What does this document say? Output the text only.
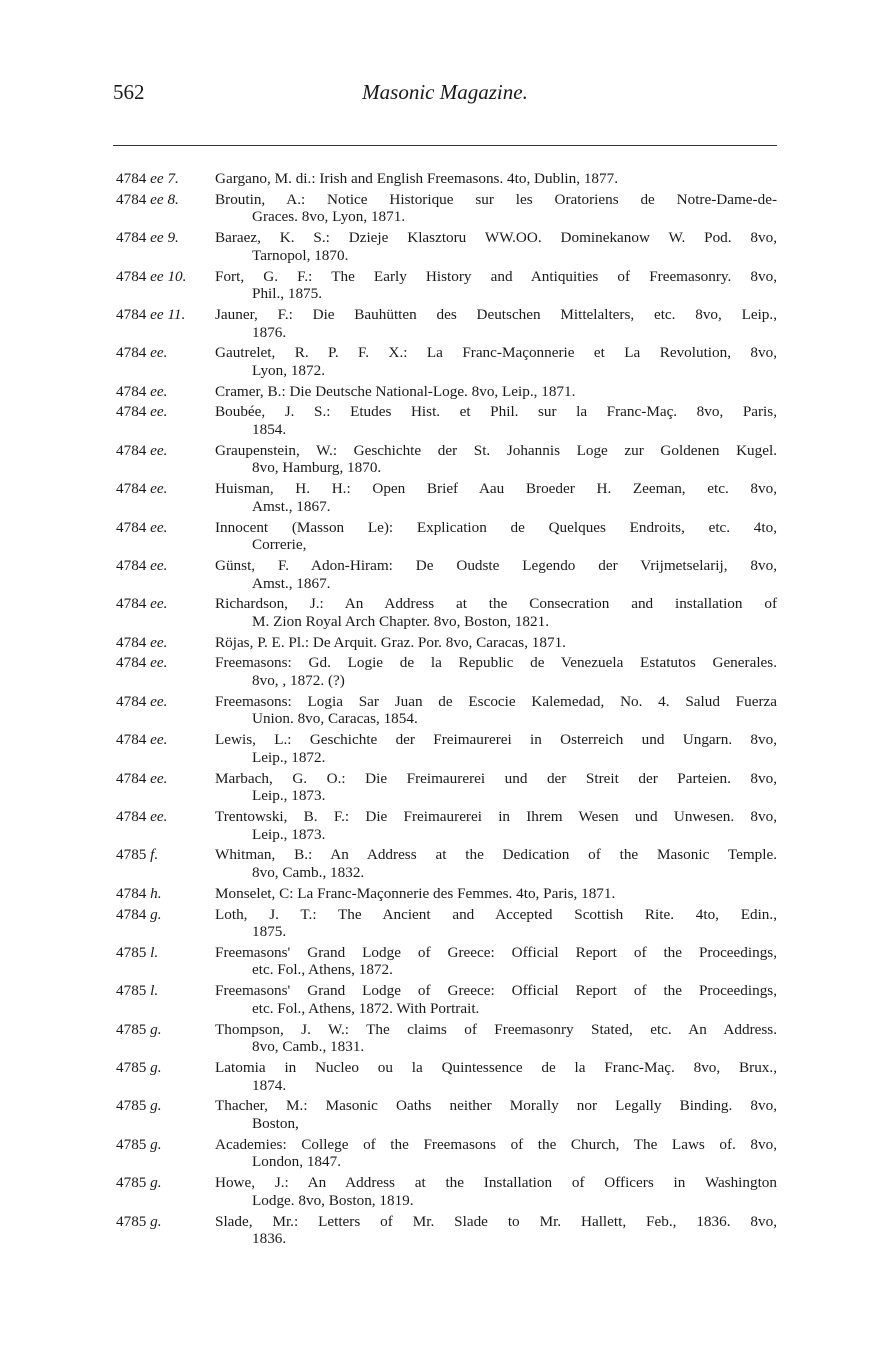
562	Masonic Magazine.
4784 ee 7.	Gargano, M. di.: Irish and English Freemasons. 4to, Dublin, 1877.
4784 ee 8.	Broutin, A.: Notice Historique sur les Oratoriens de Notre-Dame-de-
Graces. 8vo, Lyon, 1871.
4784 ee 9.	Baraez, K. S.: Dzieje Klasztoru WW.OO. Dominekanow W. Pod. 8vo,
Tarnopol, 1870.
4784 ee 10.	Fort, G. F.: The Early History and Antiquities of Freemasonry. 8vo,
Phil., 1875.
4784 ee 11.	Jauner, F.: Die Bauhütten des Deutschen Mittelalters, etc. 8vo, Leip.,
1876.
4784 ee.	Gautrelet, R. P. F. X.: La Franc-Maçonnerie et La Revolution, 8vo,
Lyon, 1872.
4784 ee.	Cramer, B.: Die Deutsche National-Loge. 8vo, Leip., 1871.
4784 ee.	Boubée, J. S.: Etudes Hist. et Phil. sur la Franc-Maç. 8vo, Paris,
1854.
4784 ee.	Graupenstein, W.: Geschichte der St. Johannis Loge zur Goldenen Kugel.
8vo, Hamburg, 1870.
4784 ee.	Huisman, H. H.: Open Brief Aau Broeder H. Zeeman, etc. 8vo,
Amst., 1867.
4784 ee.	Innocent (Masson Le): Explication de Quelques Endroits, etc. 4to,
Correrie,
4784 ee.	Günst, F. Adon-Hiram: De Oudste Legendo der Vrijmetselarij, 8vo,
Amst., 1867.
4784 ee.	Richardson, J.: An Address at the Consecration and installation of
M. Zion Royal Arch Chapter. 8vo, Boston, 1821.
4784 ee.	Röjas, P. E. Pl.: De Arquit. Graz. Por. 8vo, Caracas, 1871.
4784 ee.	Freemasons: Gd. Logie de la Republic de Venezuela Estatutos Generales.
8vo, , 1872. (?)
4784 ee.	Freemasons: Logia Sar Juan de Escocie Kalemedad, No. 4. Salud Fuerza
Union. 8vo, Caracas, 1854.
4784 ee.	Lewis, L.: Geschichte der Freimaurerei in Osterreich und Ungarn. 8vo,
Leip., 1872.
4784 ee.	Marbach, G. O.: Die Freimaurerei und der Streit der Parteien. 8vo,
Leip., 1873.
4784 ee.	Trentowski, B. F.: Die Freimaurerei in Ihrem Wesen und Unwesen. 8vo,
Leip., 1873.
4785 f.	Whitman, B.: An Address at the Dedication of the Masonic Temple.
8vo, Camb., 1832.
4784 h.	Monselet, C: La Franc-Maçonnerie des Femmes. 4to, Paris, 1871.
4784 g.	Loth, J. T.: The Ancient and Accepted Scottish Rite. 4to, Edin.,
1875.
4785 l.	Freemasons' Grand Lodge of Greece: Official Report of the Proceedings,
etc. Fol., Athens, 1872.
4785 l.	Freemasons' Grand Lodge of Greece: Official Report of the Proceedings,
etc. Fol., Athens, 1872. With Portrait.
4785 g.	Thompson, J. W.: The claims of Freemasonry Stated, etc. An Address.
8vo, Camb., 1831.
4785 g.	Latomia in Nucleo ou la Quintessence de la Franc-Maç. 8vo, Brux.,
1874.
4785 g.	Thacher, M.: Masonic Oaths neither Morally nor Legally Binding. 8vo,
Boston,
4785 g.	Academies: College of the Freemasons of the Church, The Laws of. 8vo,
London, 1847.
4785 g.	Howe, J.: An Address at the Installation of Officers in Washington
Lodge. 8vo, Boston, 1819.
4785 g.	Slade, Mr.: Letters of Mr. Slade to Mr. Hallett, Feb., 1836. 8vo,
1836.
